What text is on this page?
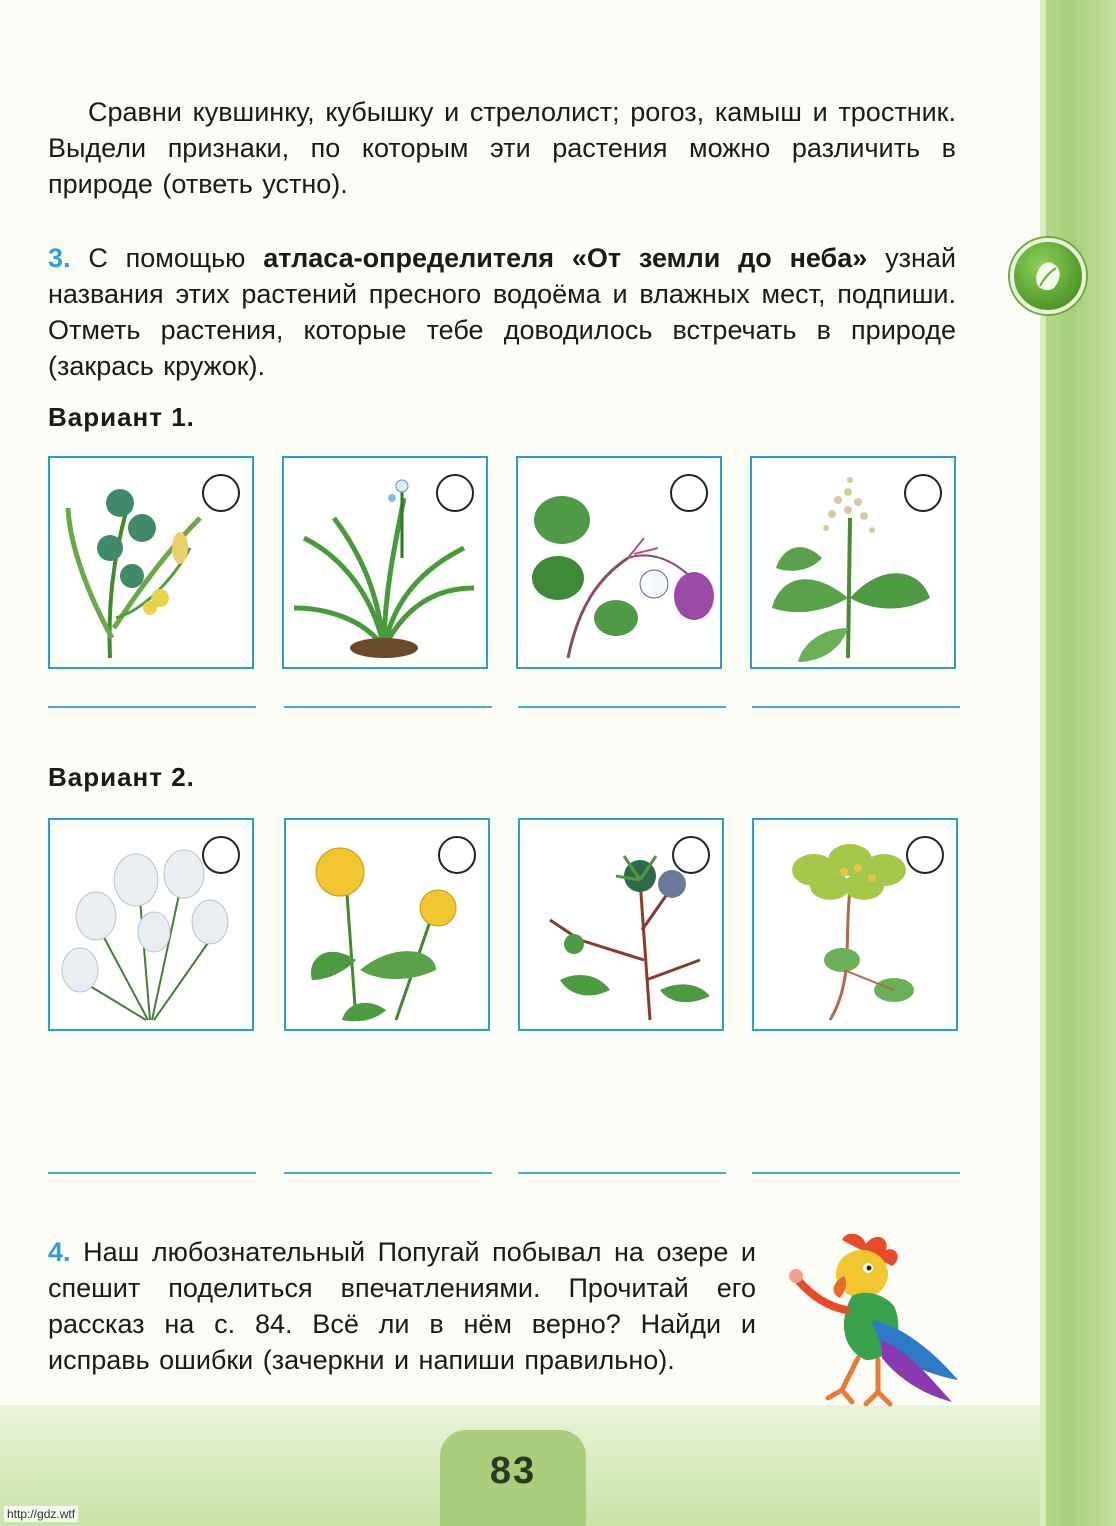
Сравни кувшинку, кубышку и стрелолист; рогоз, камыш и тростник. Выдели признаки, по которым эти растения можно различить в природе (ответь устно).
3. С помощью атласа-определителя «От земли до неба» узнай названия этих растений пресного водоёма и влажных мест, подпиши. Отметь растения, которые тебе доводилось встречать в природе (закрась кружок).
Вариант 1.
Вариант 2.
4. Наш любознательный Попугай побывал на озере и спешит поделиться впечатлениями. Прочитай его рассказ на с. 84. Всё ли в нём верно? Найди и исправь ошибки (зачеркни и напиши правильно).
83
http://gdz.wtf
